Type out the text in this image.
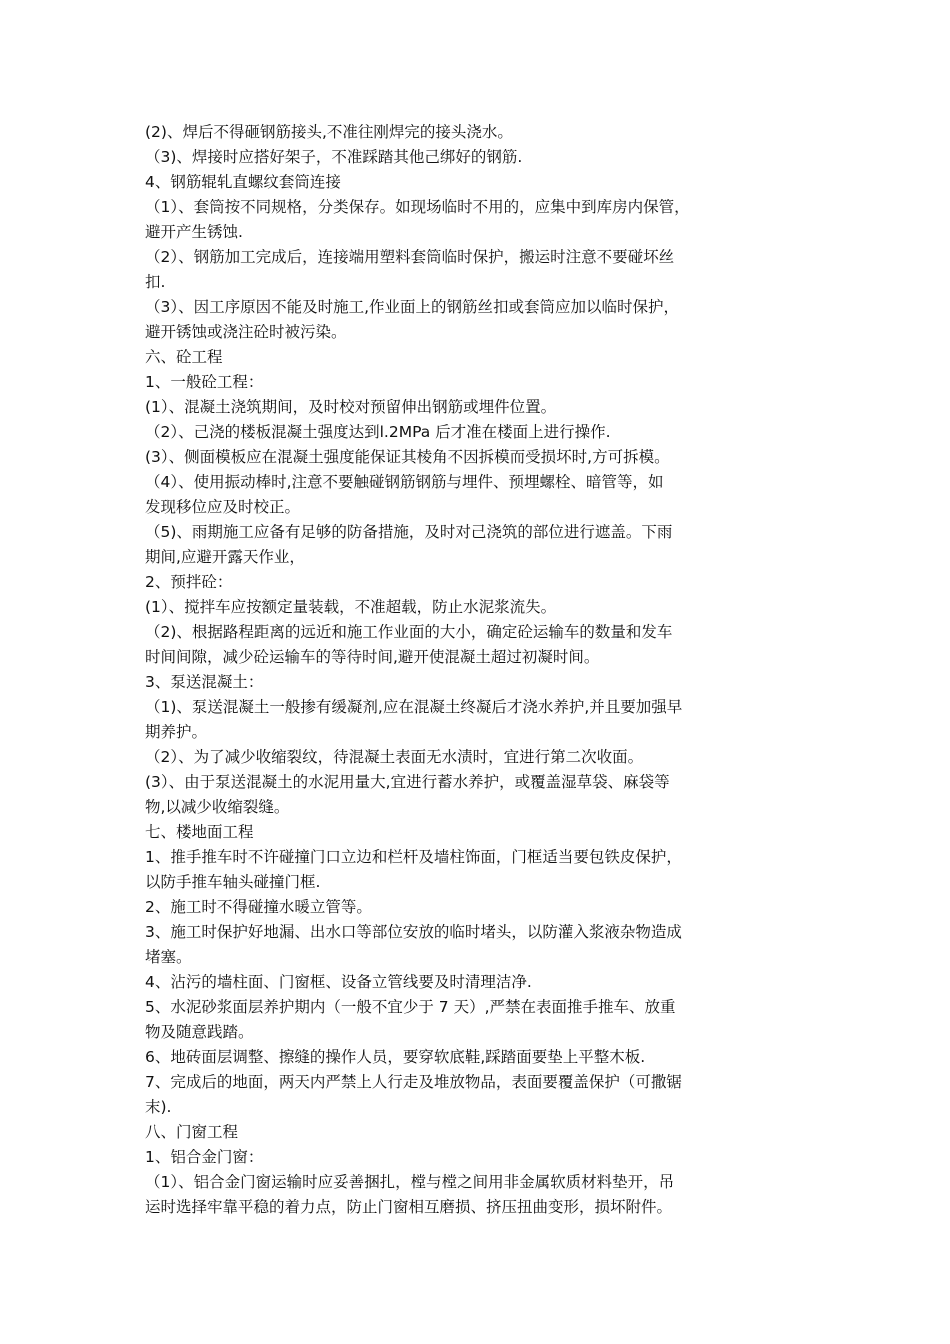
(2)、焊后不得砸钢筋接头,不准往刚焊完的接头浇水。
（3)、焊接时应搭好架子，不准踩踏其他己绑好的钢筋.
4、钢筋辊轧直螺纹套筒连接
（1）、套筒按不同规格，分类保存。如现场临时不用的，应集中到库房内保管，
避开产生锈蚀.
（2）、钢筋加工完成后，连接端用塑料套筒临时保护，搬运时注意不要碰坏丝
扣.
（3）、因工序原因不能及时施工,作业面上的钢筋丝扣或套筒应加以临时保护，
避开锈蚀或浇注砼时被污染。
六、砼工程
1、一般砼工程：
(1）、混凝土浇筑期间，及时校对预留伸出钢筋或埋件位置。
（2）、己浇的楼板混凝土强度达到l.2MPa 后才准在楼面上进行操作.
(3）、侧面模板应在混凝土强度能保证其棱角不因拆模而受损坏时,方可拆模。
（4）、使用振动棒时,注意不要触碰钢筋钢筋与埋件、预埋螺栓、暗管等，如
发现移位应及时校正。
（5)、雨期施工应备有足够的防备措施，及时对己浇筑的部位进行遮盖。下雨
期间,应避开露天作业，
2、预拌砼：
(1）、搅拌车应按额定量装载，不准超载，防止水泥浆流失。
（2)、根据路程距离的远近和施工作业面的大小，确定砼运输车的数量和发车
时间间隙，减少砼运输车的等待时间,避开使混凝土超过初凝时间。
3、泵送混凝土：
（1)、泵送混凝土一般掺有缓凝剂,应在混凝土终凝后才浇水养护,并且要加强早
期养护。
（2）、为了减少收缩裂纹，待混凝土表面无水渍时，宜进行第二次收面。
(3）、由于泵送混凝土的水泥用量大,宜进行蓄水养护，或覆盖湿草袋、麻袋等
物,以减少收缩裂缝。
七、楼地面工程
1、推手推车时不许碰撞门口立边和栏杆及墙柱饰面，门框适当要包铁皮保护，
以防手推车轴头碰撞门框.
2、施工时不得碰撞水暖立管等。
3、施工时保护好地漏、出水口等部位安放的临时堵头，以防灌入浆液杂物造成
堵塞。
4、沾污的墙柱面、门窗框、设备立管线要及时清理洁净.
5、水泥砂浆面层养护期内（一般不宜少于 7 天）,严禁在表面推手推车、放重
物及随意践踏。
6、地砖面层调整、擦缝的操作人员，要穿软底鞋,踩踏面要垫上平整木板.
7、完成后的地面，两天内严禁上人行走及堆放物品，表面要覆盖保护（可撒锯
末).
八、门窗工程
1、铝合金门窗：
（1）、铝合金门窗运输时应妥善捆扎，樘与樘之间用非金属软质材料垫开，吊
运时选择牢靠平稳的着力点，防止门窗相互磨损、挤压扭曲变形，损坏附件。
